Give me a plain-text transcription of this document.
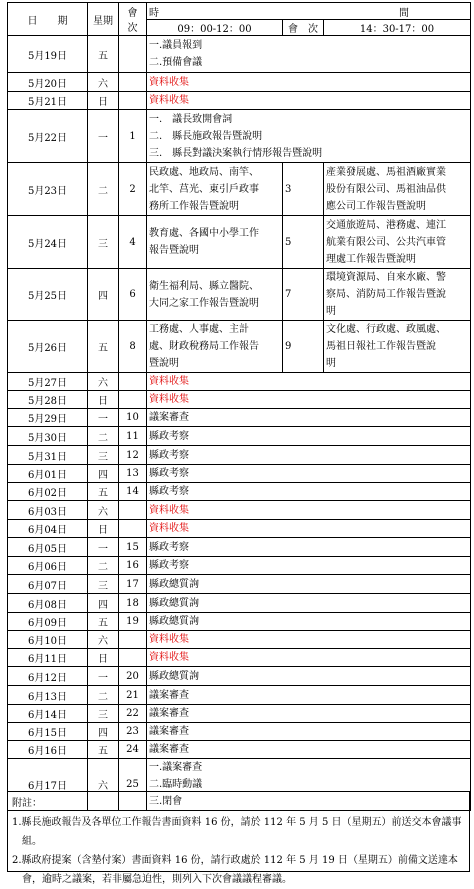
日　　期	星期	會 次	時　　　　　　　　　　　　　　　　　　　　　　　　間		
			09：00-12：00	會　次	14：30-17：00
5月19日	五		一.議員報到
二.預備會議		

5月20日	六		資料收集		

5月21日	日		資料收集		

5月22日	一	1	一.　議長致開會詞
二.　縣長施政報告暨說明
三.　縣長對議決案執行情形報告暨說明		

5月23日	二	2	民政處、地政局、南竿、
北竿、莒光、東引戶政事
務所工作報告暨說明	3	產業發展處、馬祖酒廠實業
股份有限公司、馬祖油品供
應公司工作報告暨說明

5月24日	三	4	教育處、各國中小學工作
報告暨說明	5	交通旅遊局、港務處、連江
航業有限公司、公共汽車管
理處工作報告暨說明

5月25日	四	6	衛生福利局、縣立醫院、
大同之家工作報告暨說明	7	環境資源局、自來水廠、警
察局、消防局工作報告暨說
明

5月26日	五	8	工務處、人事處、主計
處、財政稅務局工作報告
暨說明	9	文化處、行政處、政風處、
馬祖日報社工作報告暨說
明

5月27日	六		資料收集		

5月28日	日		資料收集		

5月29日	一	10	議案審查		

5月30日	二	11	縣政考察		

5月31日	三	12	縣政考察		

6月01日	四	13	縣政考察		

6月02日	五	14	縣政考察		

6月03日	六		資料收集		

6月04日	日		資料收集		

6月05日	一	15	縣政考察		

6月06日	二	16	縣政考察		

6月07日	三	17	縣政總質詢		

6月08日	四	18	縣政總質詢		

6月09日	五	19	縣政總質詢		

6月10日	六		資料收集		

6月11日	日		資料收集		

6月12日	一	20	縣政總質詢		

6月13日	二	21	議案審查		

6月14日	三	22	議案審查		

6月15日	四	23	議案審查		

6月16日	五	24	議案審查		

6月17日	六	25	一.議案審查
二.臨時動議
三.閉會		
附註：
1.縣長施政報告及各單位工作報告書面資料 16 份，請於 112 年 5 月 5 日（星期五）前送交本會議事組。
2.縣政府提案（含墊付案）書面資料 16 份，請行政處於 112 年 5 月 19 日（星期五）前備文送達本會，逾時之議案，若非屬急迫性，則列入下次會議議程審議。
